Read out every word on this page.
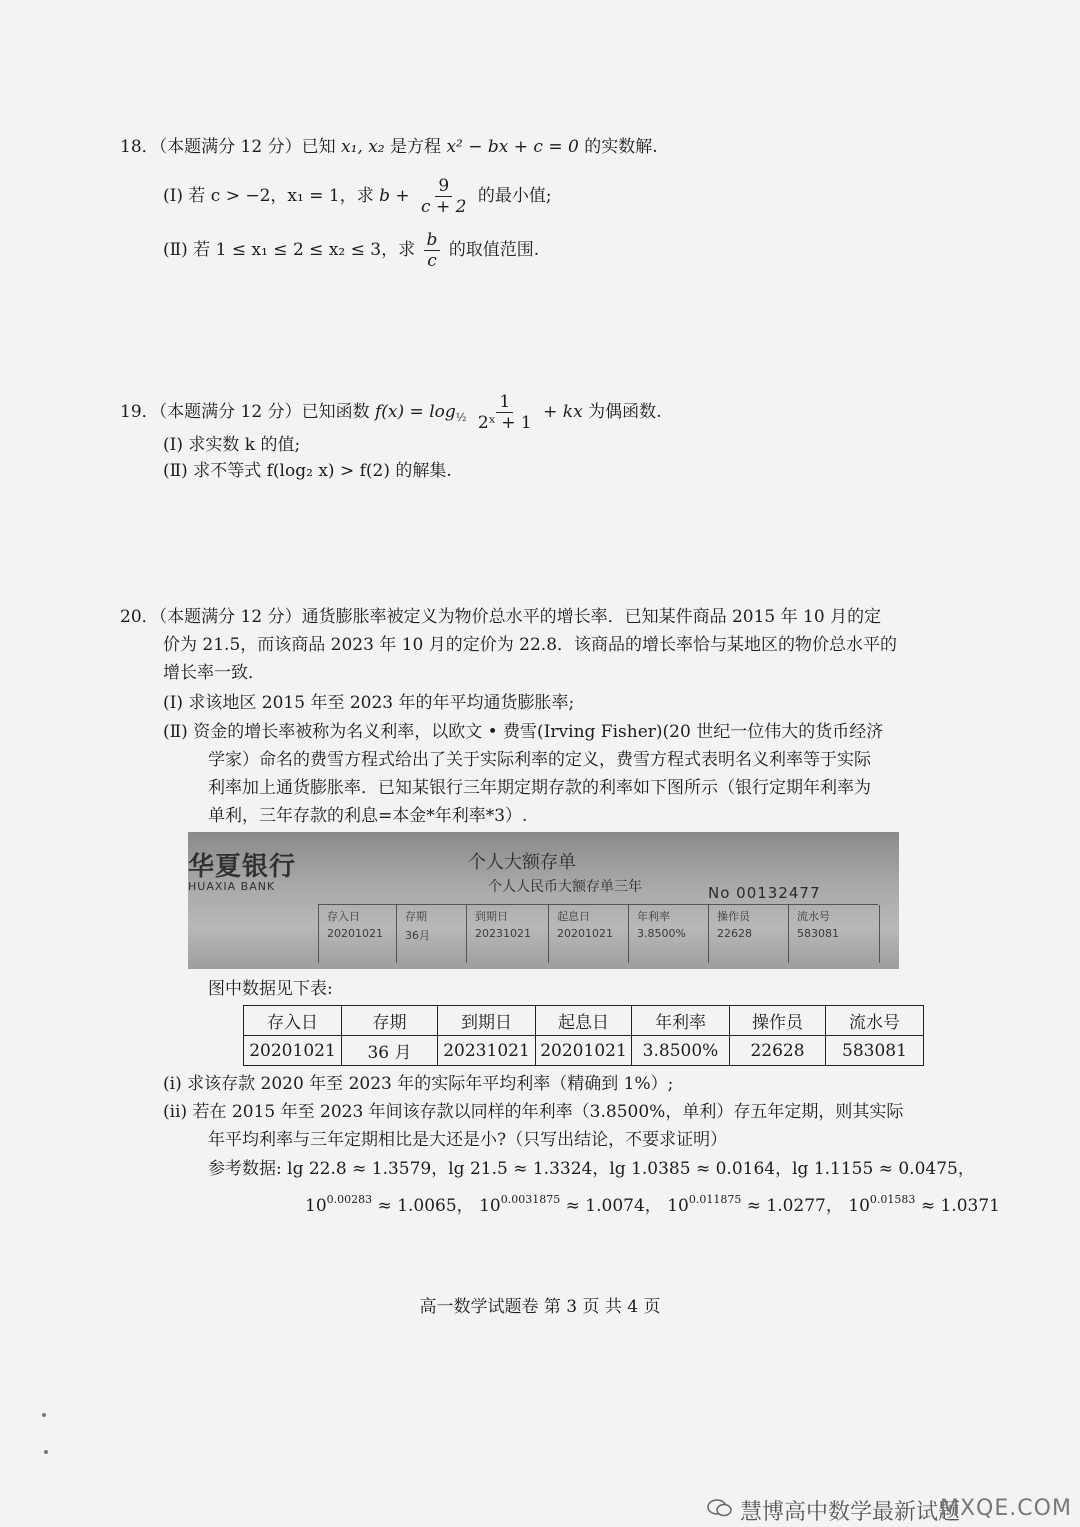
18．（本题满分 12 分）已知 x₁, x₂ 是方程 x² − bx + c = 0 的实数解.
(Ⅰ) 若 c > −2，x₁ = 1，求 $b + \frac{9}{c + 2}$ 的最小值;
(Ⅱ) 若 1 ≤ x₁ ≤ 2 ≤ x₂ ≤ 3，求 $\frac{b}{c}$ 的取值范围.
19．（本题满分 12 分）已知函数 $f(x) = \log_{\frac{1}{2}} \frac{1}{\text{2ˣ + 1}}$ + kx 为偶函数.
(Ⅰ) 求实数 k 的值;
(Ⅱ) 求不等式 f(log₂ x) > f(2) 的解集.
20．（本题满分 12 分）通货膨胀率被定义为物价总水平的增长率．已知某件商品 2015 年 10 月的定
价为 21.5，而该商品 2023 年 10 月的定价为 22.8．该商品的增长率恰与某地区的物价总水平的
增长率一致．
(Ⅰ) 求该地区 2015 年至 2023 年的年平均通货膨胀率;
(Ⅱ) 资金的增长率被称为名义利率，以欧文 • 费雪(Irving Fisher)(20 世纪一位伟大的货币经济
学家）命名的费雪方程式给出了关于实际利率的定义，费雪方程式表明名义利率等于实际
利率加上通货膨胀率．已知某银行三年期定期存款的利率如下图所示（银行定期年利率为
单利，三年存款的利息=本金*年利率*3）.
华夏银行
HUAXIA BANK
个人大额存单
个人人民币大额存单三年	No 00132477
存入日
20201021
存期
36月
到期日
20231021
起息日
20201021
年利率
3.8500%
操作员
22628
流水号
583081
图中数据见下表:
存入日	存期	到期日	起息日	年利率	操作员	流水号
20201021	36 月	20231021	20201021	3.8500%	22628	583081
(ⅰ) 求该存款 2020 年至 2023 年的实际年平均利率（精确到 1%）;
(ⅱ) 若在 2015 年至 2023 年间该存款以同样的年利率（3.8500%，单利）存五年定期，则其实际
年平均利率与三年定期相比是大还是小?（只写出结论，不要求证明）
参考数据: lg 22.8 ≈ 1.3579，lg 21.5 ≈ 1.3324，lg 1.0385 ≈ 0.0164，lg 1.1155 ≈ 0.0475，
$10^{0.00283} \approx 1.0065$， $10^{0.0031875} \approx 1.0074$， $10^{0.011875} \approx 1.0277$， $10^{0.01583} \approx 1.0371$
高一数学试题卷 第 3 页 共 4 页
慧博高中数学最新试题
MXQE.COM
